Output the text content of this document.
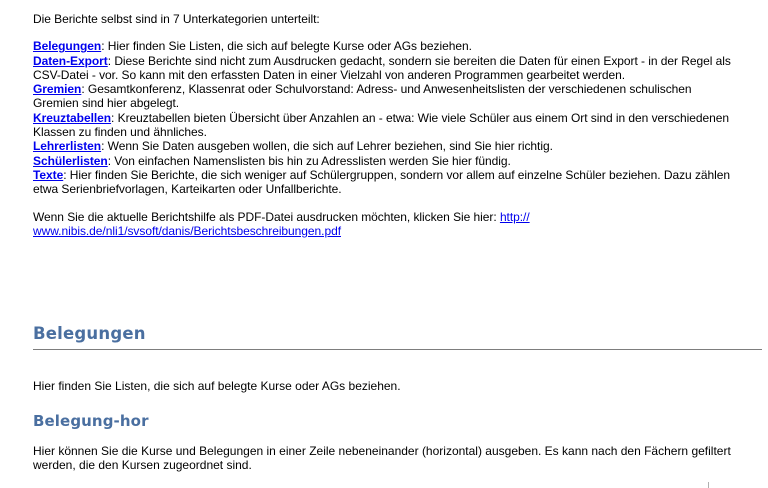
Die Berichte selbst sind in 7 Unterkategorien unterteilt:

Belegungen: Hier finden Sie Listen, die sich auf belegte Kurse oder AGs beziehen.

Daten-Export: Diese Berichte sind nicht zum Ausdrucken gedacht, sondern sie bereiten die Daten für einen Export - in der Regel als CSV-Datei - vor. So kann mit den erfassten Daten in einer Vielzahl von anderen Programmen gearbeitet werden.

Gremien: Gesamtkonferenz, Klassenrat oder Schulvorstand: Adress- und Anwesenheitslisten der verschiedenen schulischen Gremien sind hier abgelegt.

Kreuztabellen: Kreuztabellen bieten Übersicht über Anzahlen an - etwa: Wie viele Schüler aus einem Ort sind in den verschiedenen Klassen zu finden und ähnliches.

Lehrerlisten: Wenn Sie Daten ausgeben wollen, die sich auf Lehrer beziehen, sind Sie hier richtig.

Schülerlisten: Von einfachen Namenslisten bis hin zu Adresslisten werden Sie hier fündig.

Texte: Hier finden Sie Berichte, die sich weniger auf Schülergruppen, sondern vor allem auf einzelne Schüler beziehen. Dazu zählen etwa Serienbriefvorlagen, Karteikarten oder Unfallberichte.

Wenn Sie die aktuelle Berichtshilfe als PDF-Datei ausdrucken möchten, klicken Sie hier: http:// www.nibis.de/nli1/svsoft/danis/Berichtsbeschreibungen.pdf

Belegungen

Hier finden Sie Listen, die sich auf belegte Kurse oder AGs beziehen.

Belegung-hor

Hier können Sie die Kurse und Belegungen in einer Zeile nebeneinander (horizontal) ausgeben. Es kann nach den Fächern gefiltert werden, die den Kursen zugeordnet sind.
